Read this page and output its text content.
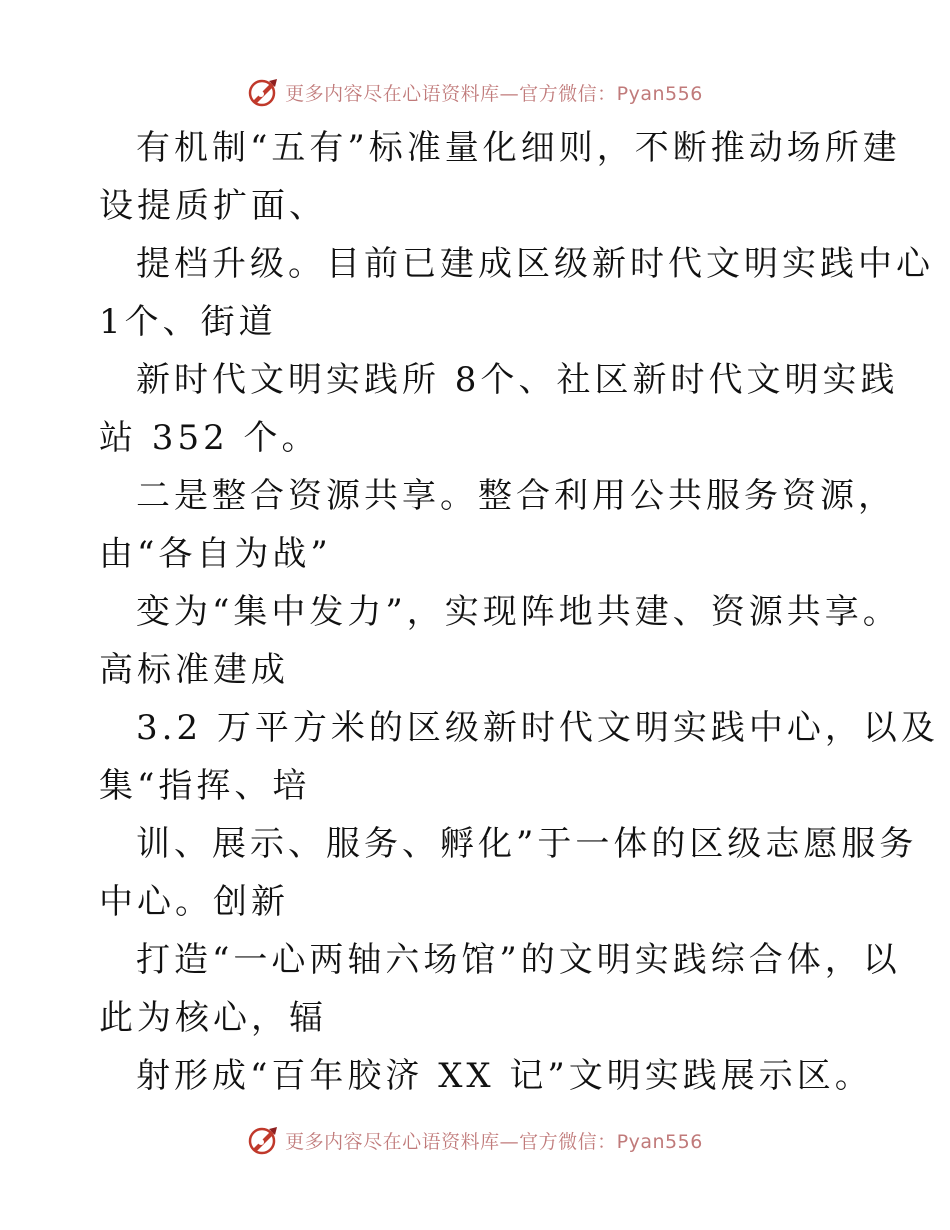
更多内容尽在心语资料库—官方微信：Pyan556
有机制“五有”标准量化细则，不断推动场所建
设提质扩面、
提档升级。目前已建成区级新时代文明实践中心
1个、街道
新时代文明实践所 8个、社区新时代文明实践
站 352 个。
二是整合资源共享。整合利用公共服务资源，
由“各自为战”
变为“集中发力”，实现阵地共建、资源共享。
高标准建成
3.2 万平方米的区级新时代文明实践中心，以及
集“指挥、培
训、展示、服务、孵化”于一体的区级志愿服务
中心。创新
打造“一心两轴六场馆”的文明实践综合体，以
此为核心，辐
射形成“百年胶济 XX 记”文明实践展示区。
更多内容尽在心语资料库—官方微信：Pyan556
